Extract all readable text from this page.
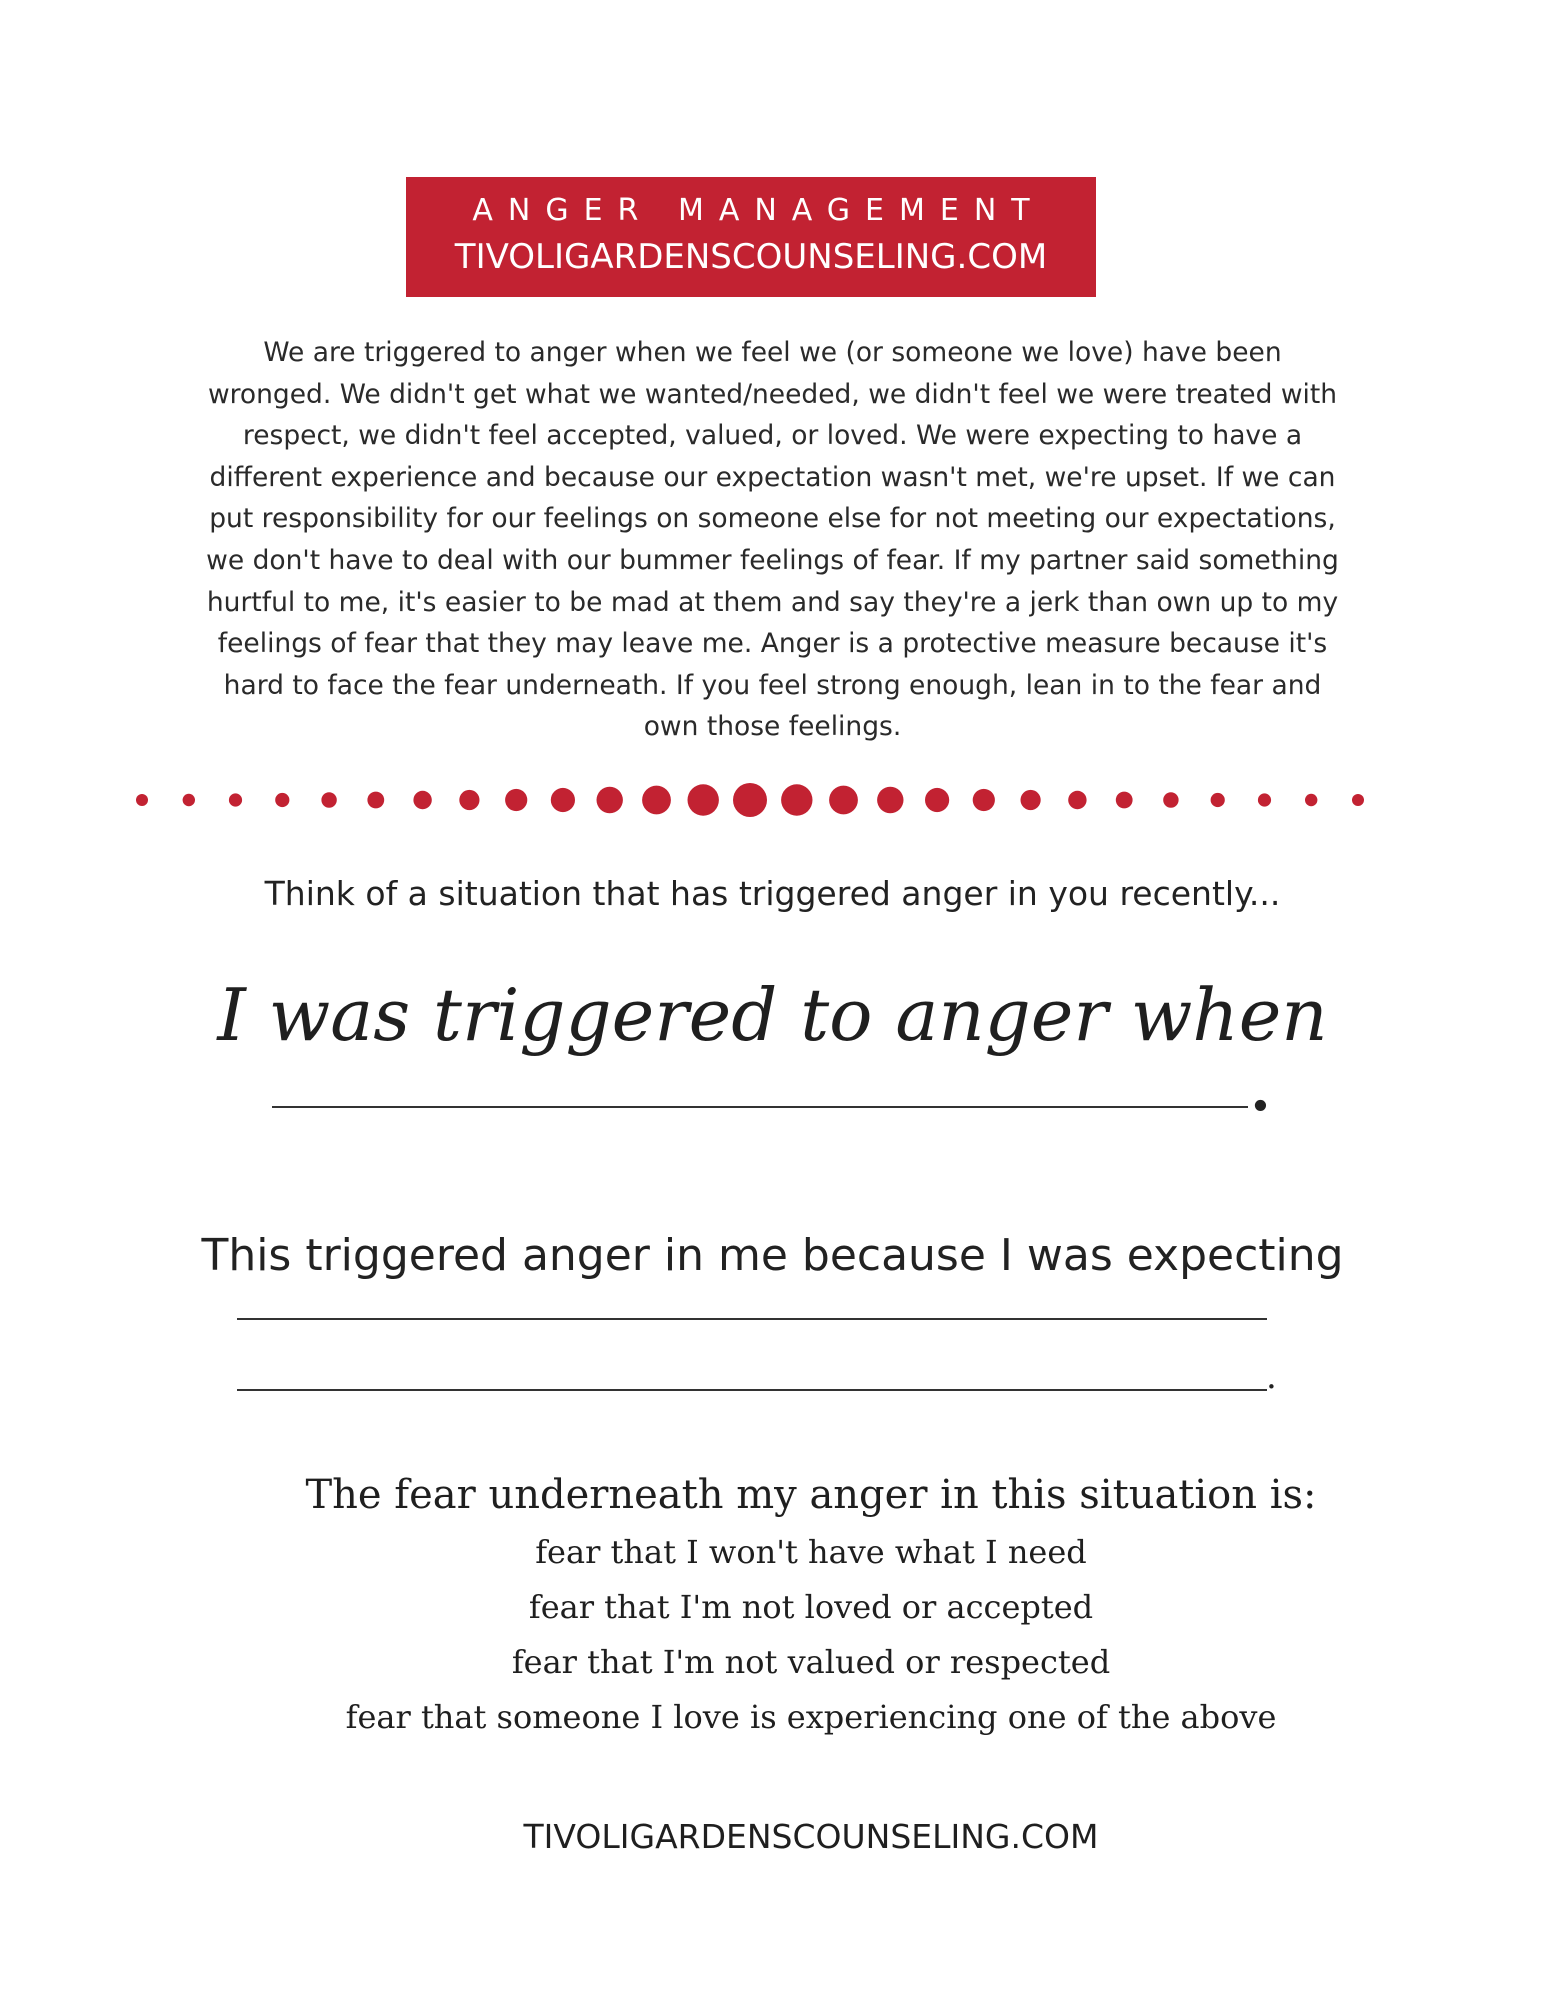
ANGER MANAGEMENT
TIVOLIGARDENSCOUNSELING.COM

We are triggered to anger when we feel we (or someone we love) have been wronged. We didn't get what we wanted/needed, we didn't feel we were treated with respect, we didn't feel accepted, valued, or loved. We were expecting to have a different experience and because our expectation wasn't met, we're upset. If we can put responsibility for our feelings on someone else for not meeting our expectations, we don't have to deal with our bummer feelings of fear. If my partner said something hurtful to me, it's easier to be mad at them and say they're a jerk than own up to my feelings of fear that they may leave me. Anger is a protective measure because it's hard to face the fear underneath. If you feel strong enough, lean in to the fear and own those feelings.

Think of a situation that has triggered anger in you recently...
I was triggered to anger when
.
This triggered anger in me because I was expecting
.
The fear underneath my anger in this situation is:
fear that I won't have what I need
fear that I'm not loved or accepted
fear that I'm not valued or respected
fear that someone I love is experiencing one of the above
TIVOLIGARDENSCOUNSELING.COM
